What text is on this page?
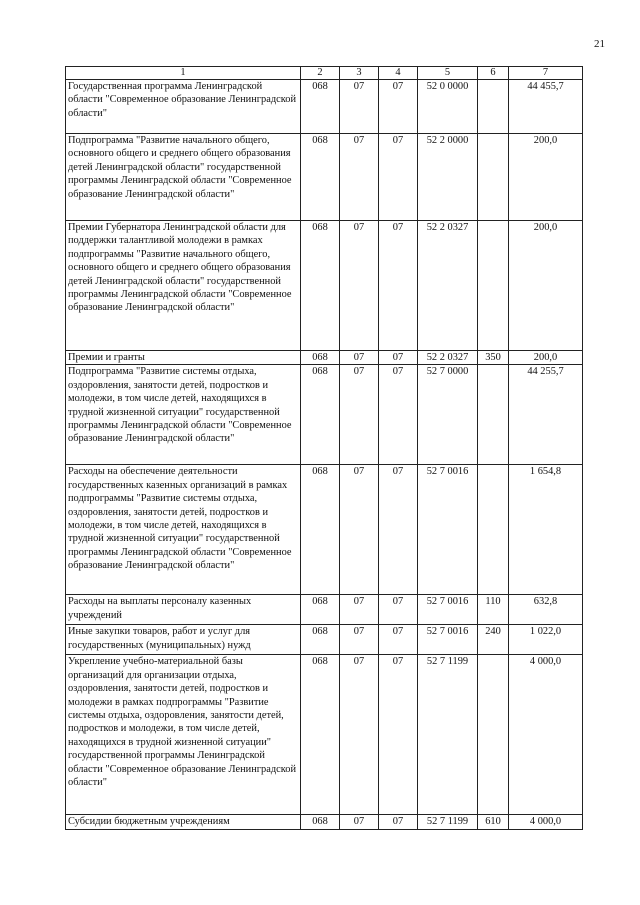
21
1	2	3	4	5	6	7
Государственная программа Ленинградской области "Современное образование Ленинградской области"	068	07	07	52 0 0000		44 455,7
Подпрограмма "Развитие начального общего, основного общего и среднего общего образования детей Ленинградской области" государственной программы Ленинградской области "Современное образование Ленинградской области"	068	07	07	52 2 0000		200,0
Премии Губернатора Ленинградской области для поддержки талантливой молодежи в рамках подпрограммы "Развитие начального общего, основного общего и среднего общего образования детей Ленинградской области" государственной программы Ленинградской области "Современное образование Ленинградской области"	068	07	07	52 2 0327		200,0
Премии и гранты	068	07	07	52 2 0327	350	200,0
Подпрограмма "Развитие системы отдыха, оздоровления, занятости детей, подростков и молодежи, в том числе детей, находящихся в трудной жизненной ситуации" государственной программы Ленинградской области "Современное образование Ленинградской области"	068	07	07	52 7 0000		44 255,7
Расходы на обеспечение деятельности государственных казенных организаций в рамках подпрограммы "Развитие системы отдыха, оздоровления, занятости детей, подростков и молодежи, в том числе детей, находящихся в трудной жизненной ситуации" государственной программы Ленинградской области "Современное образование Ленинградской области"	068	07	07	52 7 0016		1 654,8
Расходы на выплаты персоналу казенных учреждений	068	07	07	52 7 0016	110	632,8
Иные закупки товаров, работ и услуг для государственных (муниципальных) нужд	068	07	07	52 7 0016	240	1 022,0
Укрепление учебно-материальной базы организаций для организации отдыха, оздоровления, занятости детей, подростков и молодежи в рамках подпрограммы "Развитие системы отдыха, оздоровления, занятости детей, подростков и молодежи, в том числе детей, находящихся в трудной жизненной ситуации" государственной программы Ленинградской области "Современное образование Ленинградской области"	068	07	07	52 7 1199		4 000,0
Субсидии бюджетным учреждениям	068	07	07	52 7 1199	610	4 000,0
